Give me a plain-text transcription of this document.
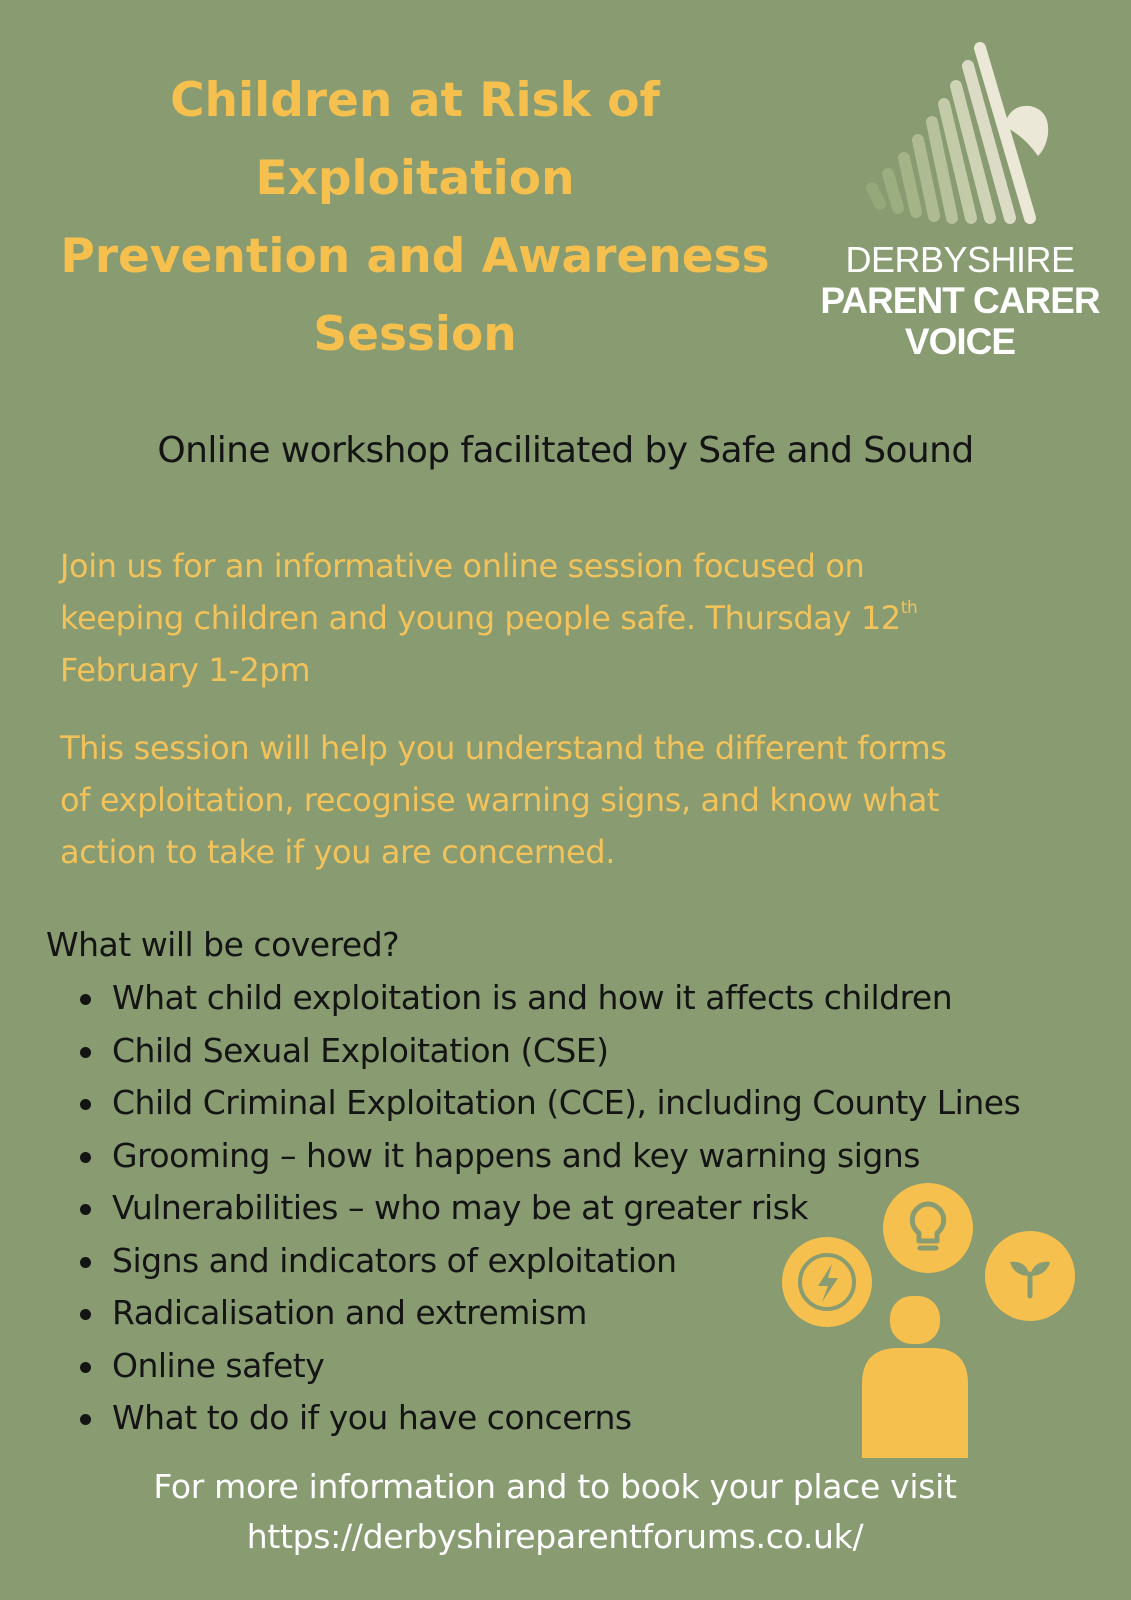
Children at Risk of
Exploitation
Prevention and Awareness
Session
DERBYSHIRE
PARENT CARER
VOICE

Online workshop facilitated by Safe and Sound

Join us for an informative online session focused on
keeping children and young people safe. Thursday 12th
February 1-2pm

This session will help you understand the different forms
of exploitation, recognise warning signs, and know what
action to take if you are concerned.

What will be covered?

What child exploitation is and how it affects children
Child Sexual Exploitation (CSE)
Child Criminal Exploitation (CCE), including County Lines
Grooming – how it happens and key warning signs
Vulnerabilities – who may be at greater risk
Signs and indicators of exploitation
Radicalisation and extremism
Online safety
What to do if you have concerns

For more information and to book your place visit
https://derbyshireparentforums.co.uk/
